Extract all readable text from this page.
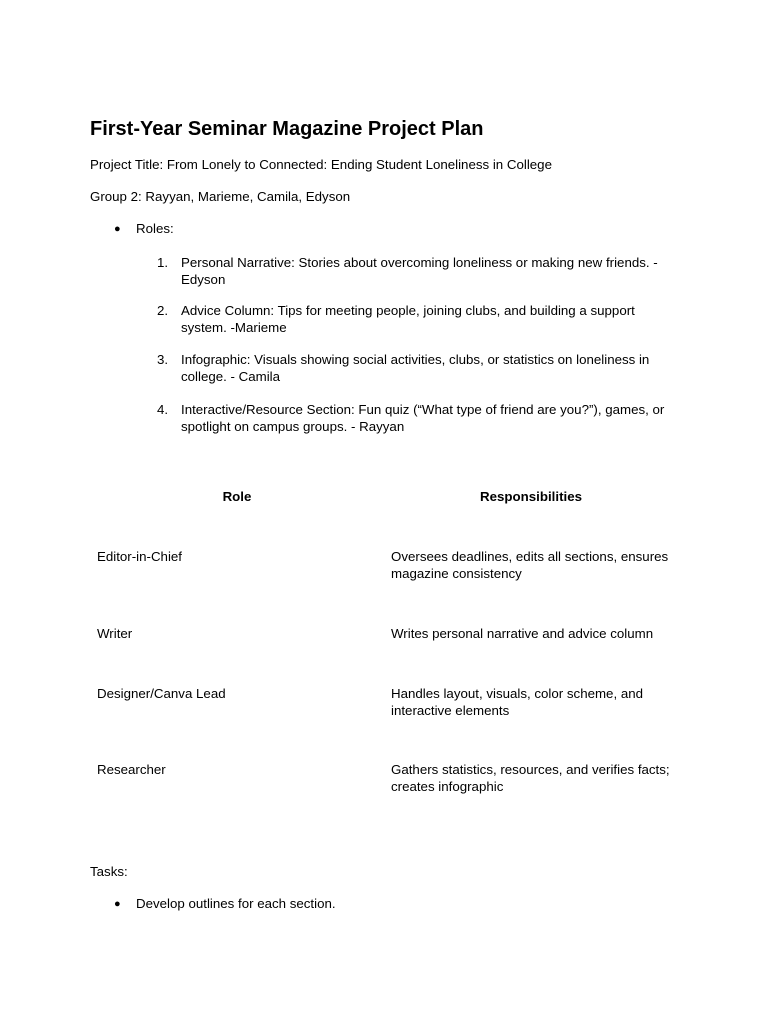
First-Year Seminar Magazine Project Plan

Project Title: From Lonely to Connected: Ending Student Loneliness in College

Group 2: Rayyan, Marieme, Camila, Edyson

● Roles:

1. Personal Narrative: Stories about overcoming loneliness or making new friends. - Edyson
2. Advice Column: Tips for meeting people, joining clubs, and building a support system. -Marieme
3. Infographic: Visuals showing social activities, clubs, or statistics on loneliness in college. - Camila
4. Interactive/Resource Section: Fun quiz (“What type of friend are you?”), games, or spotlight on campus groups. - Rayyan
Role	Responsibilities
Editor-in-Chief	Oversees deadlines, edits all sections, ensures magazine consistency
Writer	Writes personal narrative and advice column
Designer/Canva Lead	Handles layout, visuals, color scheme, and interactive elements
Researcher	Gathers statistics, resources, and verifies facts; creates infographic

Tasks:

● Develop outlines for each section.
